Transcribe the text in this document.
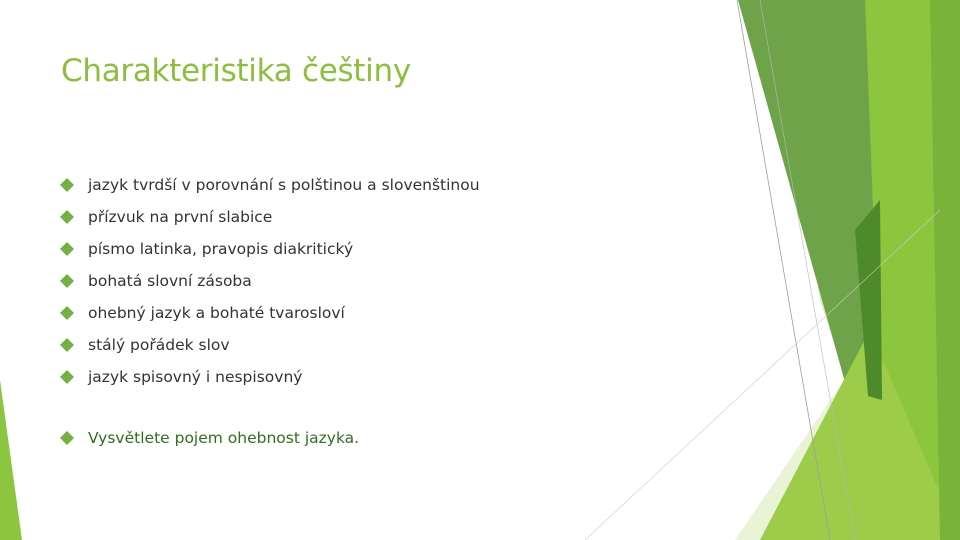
Charakteristika češtiny
jazyk tvrdší v porovnání s polštinou a slovenštinou
přízvuk na první slabice
písmo latinka, pravopis diakritický
bohatá slovní zásoba
ohebný jazyk a bohaté tvarosloví
stálý pořádek slov
jazyk spisovný i nespisovný
Vysvětlete pojem ohebnost jazyka.
